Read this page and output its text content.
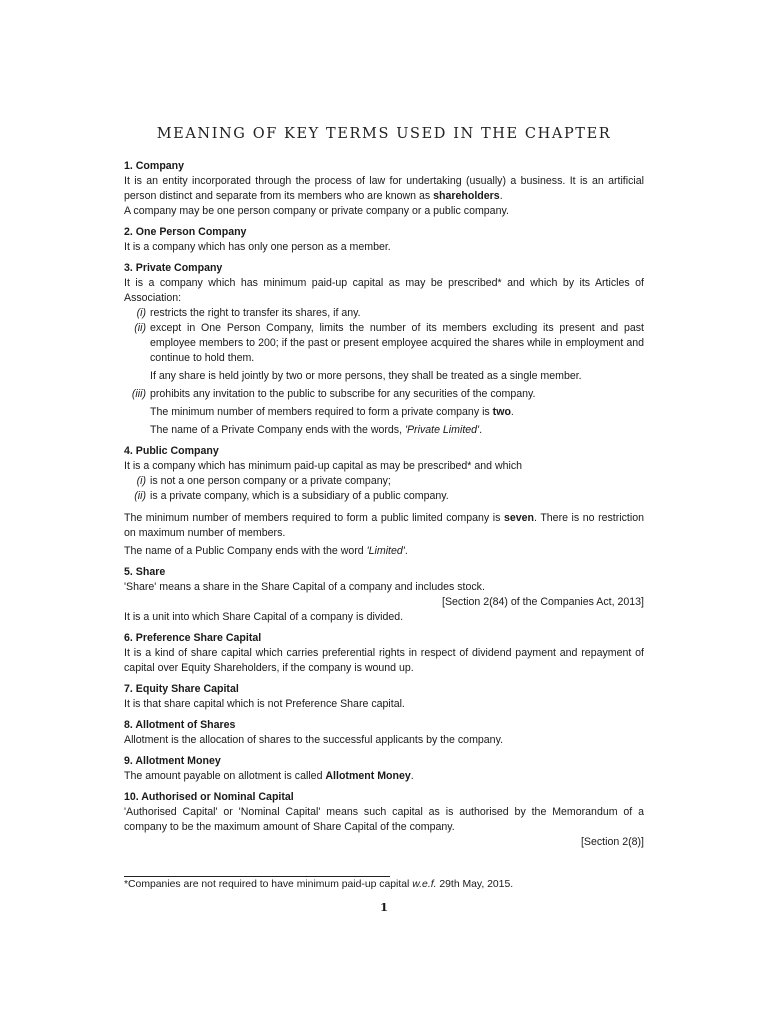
MEANING OF KEY TERMS USED IN THE CHAPTER
1. Company
It is an entity incorporated through the process of law for undertaking (usually) a business. It is an artificial person distinct and separate from its members who are known as shareholders.
A company may be one person company or private company or a public company.
2. One Person Company
It is a company which has only one person as a member.
3. Private Company
It is a company which has minimum paid-up capital as may be prescribed* and which by its Articles of Association:
(i) restricts the right to transfer its shares, if any.
(ii) except in One Person Company, limits the number of its members excluding its present and past employee members to 200; if the past or present employee acquired the shares while in employment and continue to hold them.
If any share is held jointly by two or more persons, they shall be treated as a single member.
(iii) prohibits any invitation to the public to subscribe for any securities of the company.
The minimum number of members required to form a private company is two.
The name of a Private Company ends with the words, 'Private Limited'.
4. Public Company
It is a company which has minimum paid-up capital as may be prescribed* and which
(i) is not a one person company or a private company;
(ii) is a private company, which is a subsidiary of a public company.
The minimum number of members required to form a public limited company is seven. There is no restriction on maximum number of members.
The name of a Public Company ends with the word 'Limited'.
5. Share
'Share' means a share in the Share Capital of a company and includes stock.
[Section 2(84) of the Companies Act, 2013]
It is a unit into which Share Capital of a company is divided.
6. Preference Share Capital
It is a kind of share capital which carries preferential rights in respect of dividend payment and repayment of capital over Equity Shareholders, if the company is wound up.
7. Equity Share Capital
It is that share capital which is not Preference Share capital.
8. Allotment of Shares
Allotment is the allocation of shares to the successful applicants by the company.
9. Allotment Money
The amount payable on allotment is called Allotment Money.
10. Authorised or Nominal Capital
'Authorised Capital' or 'Nominal Capital' means such capital as is authorised by the Memorandum of a company to be the maximum amount of Share Capital of the company.
[Section 2(8)]
*Companies are not required to have minimum paid-up capital w.e.f. 29th May, 2015.
1
